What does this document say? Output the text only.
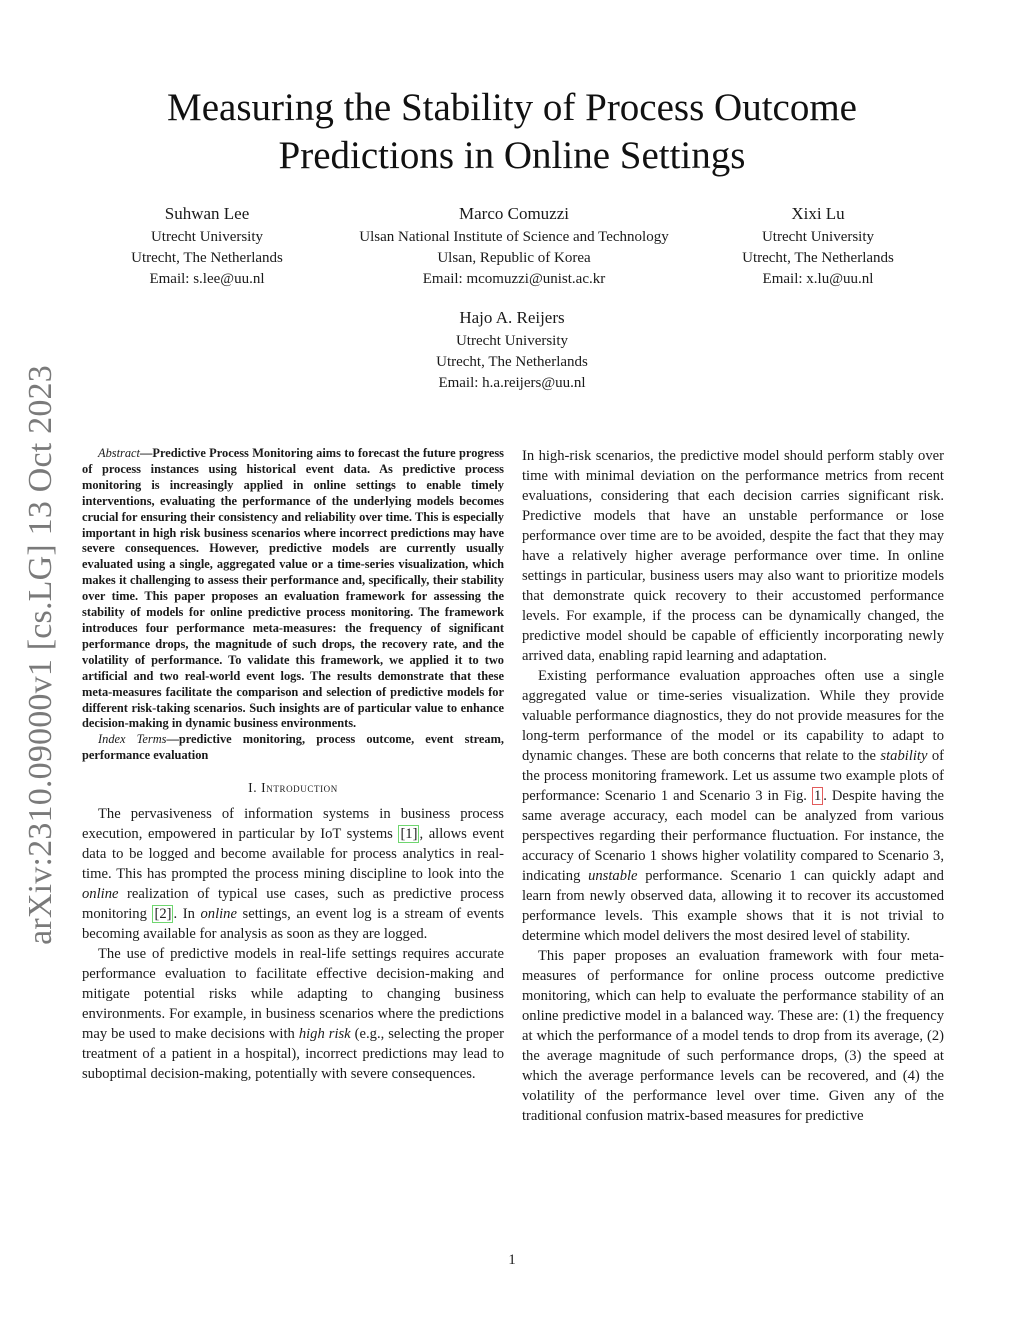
arXiv:2310.09000v1 [cs.LG] 13 Oct 2023
Measuring the Stability of Process Outcome
Predictions in Online Settings
Suhwan Lee
Utrecht University
Utrecht, The Netherlands
Email: s.lee@uu.nl
Marco Comuzzi
Ulsan National Institute of Science and Technology
Ulsan, Republic of Korea
Email: mcomuzzi@unist.ac.kr
Xixi Lu
Utrecht University
Utrecht, The Netherlands
Email: x.lu@uu.nl
Hajo A. Reijers
Utrecht University
Utrecht, The Netherlands
Email: h.a.reijers@uu.nl

Abstract—Predictive Process Monitoring aims to forecast the future progress of process instances using historical event data. As predictive process monitoring is increasingly applied in online settings to enable timely interventions, evaluating the performance of the underlying models becomes crucial for ensuring their consistency and reliability over time. This is especially important in high risk business scenarios where incorrect predictions may have severe consequences. However, predictive models are currently usually evaluated using a single, aggregated value or a time-series visualization, which makes it challenging to assess their performance and, specifically, their stability over time. This paper proposes an evaluation framework for assessing the stability of models for online predictive process monitoring. The framework introduces four performance meta-measures: the frequency of significant performance drops, the magnitude of such drops, the recovery rate, and the volatility of performance. To validate this framework, we applied it to two artificial and two real-world event logs. The results demonstrate that these meta-measures facilitate the comparison and selection of predictive models for different risk-taking scenarios. Such insights are of particular value to enhance decision-making in dynamic business environments.

Index Terms—predictive monitoring, process outcome, event stream, performance evaluation

I. Introduction

The pervasiveness of information systems in business process execution, empowered in particular by IoT systems [1] , allows event data to be logged and become available for process analytics in real-time. This has prompted the process mining discipline to look into the online realization of typical use cases, such as predictive process monitoring [2] . In online settings, an event log is a stream of events becoming available for analysis as soon as they are logged.

The use of predictive models in real-life settings requires accurate performance evaluation to facilitate effective decision-making and mitigate potential risks while adapting to changing business environments. For example, in business scenarios where the predictions may be used to make decisions with high risk (e.g., selecting the proper treatment of a patient in a hospital), incorrect predictions may lead to suboptimal decision-making, potentially with severe consequences.

In high-risk scenarios, the predictive model should perform stably over time with minimal deviation on the performance metrics from recent evaluations, considering that each decision carries significant risk. Predictive models that have an unstable performance or lose performance over time are to be avoided, despite the fact that they may have a relatively higher average performance over time. In online settings in particular, business users may also want to prioritize models that demonstrate quick recovery to their accustomed performance levels. For example, if the process can be dynamically changed, the predictive model should be capable of efficiently incorporating newly arrived data, enabling rapid learning and adaptation.

Existing performance evaluation approaches often use a single aggregated value or time-series visualization. While they provide valuable performance diagnostics, they do not provide measures for the long-term performance of the model or its capability to adapt to dynamic changes. These are both concerns that relate to the stability of the process monitoring framework. Let us assume two example plots of performance: Scenario 1 and Scenario 3 in Fig. 1 . Despite having the same average accuracy, each model can be analyzed from various perspectives regarding their performance fluctuation. For instance, the accuracy of Scenario 1 shows higher volatility compared to Scenario 3, indicating unstable performance. Scenario 1 can quickly adapt and learn from newly observed data, allowing it to recover its accustomed performance levels. This example shows that it is not trivial to determine which model delivers the most desired level of stability.

This paper proposes an evaluation framework with four meta-measures of performance for online process outcome predictive monitoring, which can help to evaluate the performance stability of an online predictive model in a balanced way. These are: (1) the frequency at which the performance of a model tends to drop from its average, (2) the average magnitude of such performance drops, (3) the speed at which the average performance levels can be recovered, and (4) the volatility of the performance level over time. Given any of the traditional confusion matrix-based measures for predictive

1
